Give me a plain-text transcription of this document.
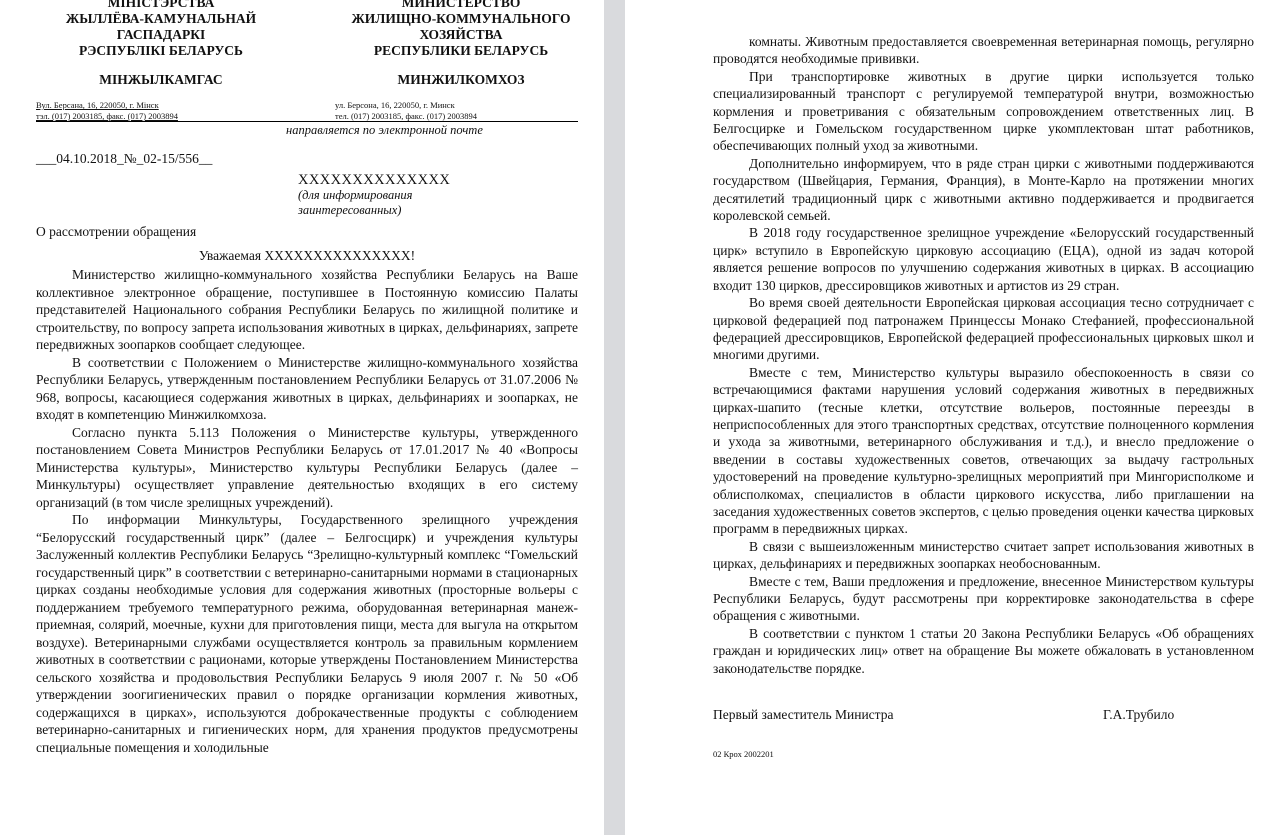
МІНІСТЭРСТВА
ЖЫЛЛЁВА-КАМУНАЛЬНАЙ
ГАСПАДАРКІ
РЭСПУБЛІКІ БЕЛАРУСЬ
МИНИСТЕРСТВО
ЖИЛИЩНО-КОММУНАЛЬНОГО
ХОЗЯЙСТВА
РЕСПУБЛИКИ БЕЛАРУСЬ
МІНЖЫЛКАМГАС	МИНЖИЛКОМХОЗ
Вул. Берсана, 16, 220050, г. Мінск
тэл. (017) 2003185, факс. (017) 2003894
ул. Берсона, 16, 220050, г. Минск
тел. (017) 2003185, факс. (017) 2003894
направляется по электронной почте
___04.10.2018_№_02-15/556__
XXXXXXXXXXXXXX
(для информирования
заинтересованных)
О рассмотрении обращения
Уважаемая XXXXXXXXXXXXXXX!

Министерство жилищно-коммунального хозяйства Республики Беларусь на Ваше коллективное электронное обращение, поступившее в Постоянную комиссию Палаты представителей Национального собрания Республики Беларусь по жилищной политике и строительству, по вопросу запрета использования животных в цирках, дельфинариях, запрете передвижных зоопарков сообщает следующее.

В соответствии с Положением о Министерстве жилищно-коммунального хозяйства Республики Беларусь, утвержденным постановлением Республики Беларусь от 31.07.2006 № 968, вопросы, касающиеся содержания животных в цирках, дельфинариях и зоопарках, не входят в компетенцию Минжилкомхоза.

Согласно пункта 5.113 Положения о Министерстве культуры, утвержденного постановлением Совета Министров Республики Беларусь от 17.01.2017 № 40 «Вопросы Министерства культуры», Министерство культуры Республики Беларусь (далее – Минкультуры) осуществляет управление деятельностью входящих в его систему организаций (в том числе зрелищных учреждений).

По информации Минкультуры, Государственного зрелищного учреждения “Белорусский государственный цирк” (далее – Белгосцирк) и учреждения культуры Заслуженный коллектив Республики Беларусь “Зрелищно-культурный комплекс “Гомельский государственный цирк” в соответствии с ветеринарно-санитарными нормами в стационарных цирках созданы необходимые условия для содержания животных (просторные вольеры с поддержанием требуемого температурного режима, оборудованная ветеринарная манеж-приемная, солярий, моечные, кухни для приготовления пищи, места для выгула на открытом воздухе). Ветеринарными службами осуществляется контроль за правильным кормлением животных в соответствии с рационами, которые утверждены Постановлением Министерства сельского хозяйства и продовольствия Республики Беларусь 9 июля 2007 г. № 50 «Об утверждении зоогигиенических правил о порядке организации кормления животных, содержащихся в цирках», используются доброкачественные продукты с соблюдением ветеринарно-санитарных и гигиенических норм, для хранения продуктов предусмотрены специальные помещения и холодильные

комнаты. Животным предоставляется своевременная ветеринарная помощь, регулярно проводятся необходимые прививки.

При транспортировке животных в другие цирки используется только специализированный транспорт с регулируемой температурой внутри, возможностью кормления и проветривания с обязательным сопровождением ответственных лиц. В Белгосцирке и Гомельском государственном цирке укомплектован штат работников, обеспечивающих полный уход за животными.

Дополнительно информируем, что в ряде стран цирки с животными поддерживаются государством (Швейцария, Германия, Франция), в Монте-Карло на протяжении многих десятилетий традиционный цирк с животными активно поддерживается и продвигается королевской семьей.

В 2018 году государственное зрелищное учреждение «Белорусский государственный цирк» вступило в Европейскую цирковую ассоциацию (ЕЦА), одной из задач которой является решение вопросов по улучшению содержания животных в цирках. В ассоциацию входит 130 цирков, дрессировщиков животных и артистов из 29 стран.

Во время своей деятельности Европейская цирковая ассоциация тесно сотрудничает с цирковой федерацией под патронажем Принцессы Монако Стефанией, профессиональной федерацией дрессировщиков, Европейской федерацией профессиональных цирковых школ и многими другими.

Вместе с тем, Министерство культуры выразило обеспокоенность в связи со встречающимися фактами нарушения условий содержания животных в передвижных цирках-шапито (тесные клетки, отсутствие вольеров, постоянные переезды в неприспособленных для этого транспортных средствах, отсутствие полноценного кормления и ухода за животными, ветеринарного обслуживания и т.д.), и внесло предложение о введении в составы художественных советов, отвечающих за выдачу гастрольных удостоверений на проведение культурно-зрелищных мероприятий при Мингорисполкоме и облисполкомах, специалистов в области циркового искусства, либо приглашении на заседания художественных советов экспертов, с целью проведения оценки качества цирковых программ в передвижных цирках.

В связи с вышеизложенным министерство считает запрет использования животных в цирках, дельфинариях и передвижных зоопарках необоснованным.

Вместе с тем, Ваши предложения и предложение, внесенное Министерством культуры Республики Беларусь, будут рассмотрены при корректировке законодательства в сфере обращения с животными.

В соответствии с пунктом 1 статьи 20 Закона Республики Беларусь «Об обращениях граждан и юридических лиц» ответ на обращение Вы можете обжаловать в установленном законодательстве порядке.

Первый заместитель Министра	Г.А.Трубило
02 Крох 2002201
